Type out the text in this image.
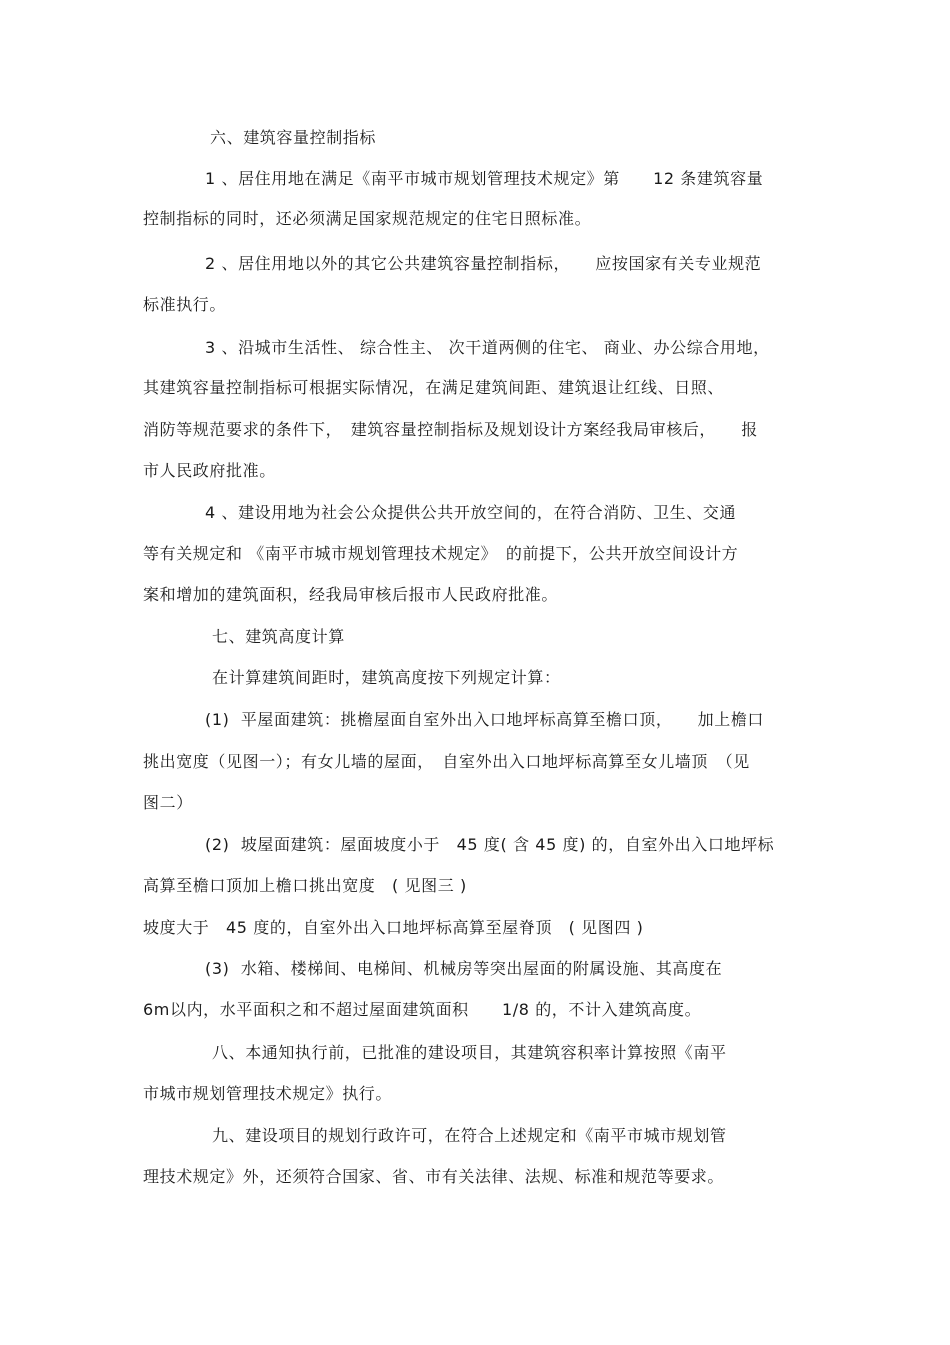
六、建筑容量控制指标
1 、居住用地在满足《南平市城市规划管理技术规定》第　　12 条建筑容量
控制指标的同时，还必须满足国家规范规定的住宅日照标准。
2 、居住用地以外的其它公共建筑容量控制指标，　　应按国家有关专业规范
标准执行。
3 、沿城市生活性、 综合性主、 次干道两侧的住宅、 商业、办公综合用地，
其建筑容量控制指标可根据实际情况，在满足建筑间距、建筑退让红线、日照、
消防等规范要求的条件下，　建筑容量控制指标及规划设计方案经我局审核后，　　报
市人民政府批准。
4 、建设用地为社会公众提供公共开放空间的，在符合消防、卫生、交通
等有关规定和 《南平市城市规划管理技术规定》　的前提下，公共开放空间设计方
案和增加的建筑面积，经我局审核后报市人民政府批准。
七、建筑高度计算
在计算建筑间距时，建筑高度按下列规定计算：
(1)  平屋面建筑：挑檐屋面自室外出入口地坪标高算至檐口顶，　　加上檐口
挑出宽度（见图一）；有女儿墙的屋面，　自室外出入口地坪标高算至女儿墙顶　（见
图二）
(2)  坡屋面建筑：屋面坡度小于　45 度( 含 45 度) 的，自室外出入口地坪标
高算至檐口顶加上檐口挑出宽度　( 见图三 )
坡度大于　45 度的，自室外出入口地坪标高算至屋脊顶　( 见图四 )
(3)  水箱、楼梯间、电梯间、机械房等突出屋面的附属设施、其高度在
6m以内，水平面积之和不超过屋面建筑面积　　1/8 的，不计入建筑高度。
八、本通知执行前，已批准的建设项目，其建筑容积率计算按照《南平
市城市规划管理技术规定》执行。
九、建设项目的规划行政许可，在符合上述规定和《南平市城市规划管
理技术规定》外，还须符合国家、省、市有关法律、法规、标准和规范等要求。
